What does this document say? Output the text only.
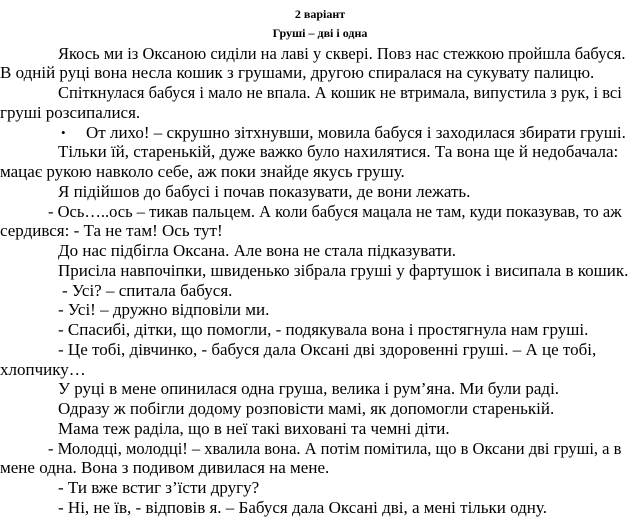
2 варіант
Груші – дві і одна
Якось ми із Оксаною сиділи на лаві у сквері. Повз нас стежкою пройшла бабуся.
В одній руці вона несла кошик з грушами, другою спиралася на сукувату палицю.
Спіткнулася бабуся і мало не впала. А кошик не втримала, випустила з рук, і всі
груші розсипалися.
• От лихо! – скрушно зітхнувши, мовила бабуся і заходилася збирати груші.
Тільки їй, старенькій, дуже важко було нахилятися. Та вона ще й недобачала:
мацає рукою навколо себе, аж поки знайде якусь грушу.
Я підійшов до бабусі і почав показувати, де вони лежать.
- Ось…..ось – тикав пальцем. А коли бабуся мацала не там, куди показував, то аж
сердився: - Та не там! Ось тут!
До нас підбігла Оксана. Але вона не стала підказувати.
Присіла навпочіпки, швиденько зібрала груші у фартушок і висипала в кошик.
- Усі? – спитала бабуся.
- Усі! – дружно відповіли ми.
- Спасибі, дітки, що помогли, - подякувала вона і простягнула нам груші.
- Це тобі, дівчинко, - бабуся дала Оксані дві здоровенні груші. – А це тобі,
хлопчику…
У руці в мене опинилася одна груша, велика і рум’яна. Ми були раді.
Одразу ж побігли додому розповісти мамі, як допомогли старенькій.
Мама теж раділа, що в неї такі виховані та чемні діти.
- Молодці, молодці! – хвалила вона. А потім помітила, що в Оксани дві груші, а в
мене одна. Вона з подивом дивилася на мене.
- Ти вже встиг з’їсти другу?
- Ні, не їв, - відповів я. – Бабуся дала Оксані дві, а мені тільки одну.
